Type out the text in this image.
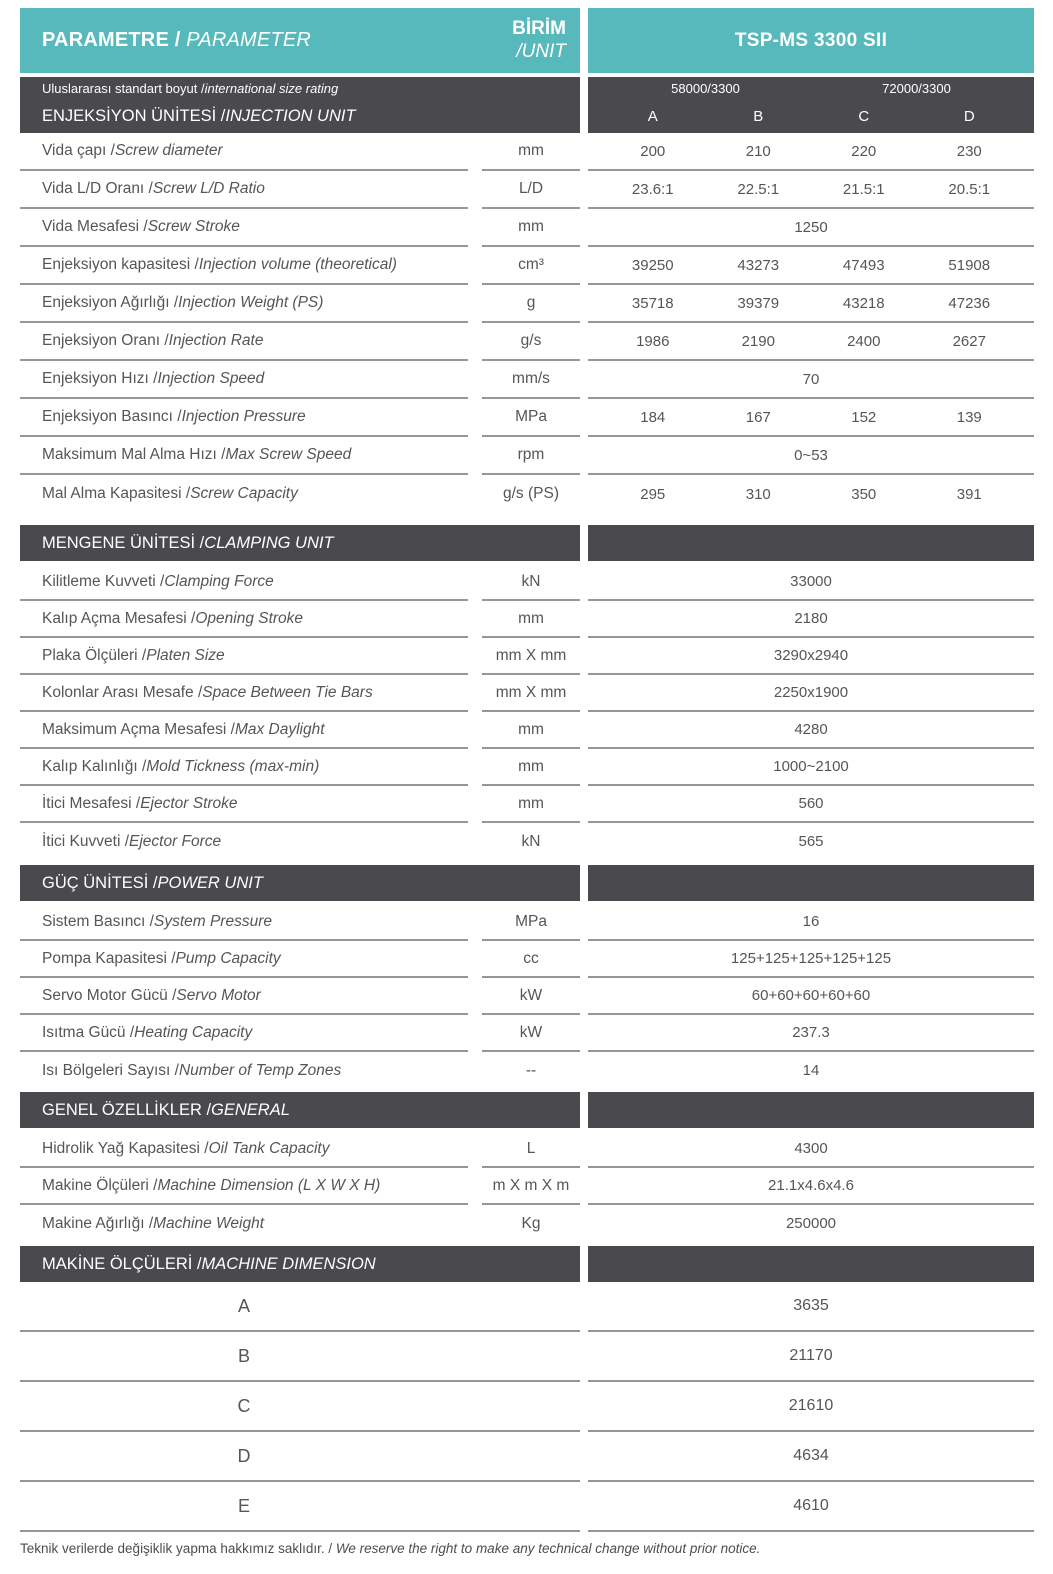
PARAMETRE / PARAMETER
BİRİM
/UNIT
TSP-MS 3300 SII
Uluslararası standart boyut / international size rating	58000/3300	72000/3300
ENJEKSİYON ÜNİTESİ / INJECTION UNIT	A	B	C	D
Vida çapı / Screw diameter	mm	200	210	220	230
Vida L/D Oranı / Screw L/D Ratio	L/D	23.6:1	22.5:1	21.5:1	20.5:1
Vida Mesafesi / Screw Stroke	mm	1250
Enjeksiyon kapasitesi / Injection volume (theoretical)	cm³	39250	43273	47493	51908
Enjeksiyon Ağırlığı / Injection Weight (PS)	g	35718	39379	43218	47236
Enjeksiyon Oranı / Injection Rate	g/s	1986	2190	2400	2627
Enjeksiyon Hızı / Injection Speed	mm/s	70
Enjeksiyon Basıncı / Injection Pressure	MPa	184	167	152	139
Maksimum Mal Alma Hızı / Max Screw Speed	rpm	0~53
Mal Alma Kapasitesi / Screw Capacity	g/s (PS)	295	310	350	391
MENGENE ÜNİTESİ / CLAMPING UNIT
Kilitleme Kuvveti / Clamping Force	kN	33000
Kalıp Açma Mesafesi / Opening Stroke	mm	2180
Plaka Ölçüleri / Platen Size	mm X mm	3290x2940
Kolonlar Arası Mesafe / Space Between Tie Bars	mm X mm	2250x1900
Maksimum Açma Mesafesi / Max Daylight	mm	4280
Kalıp Kalınlığı / Mold Tickness (max-min)	mm	1000~2100
İtici Mesafesi / Ejector Stroke	mm	560
İtici Kuvveti / Ejector Force	kN	565
GÜÇ ÜNİTESİ / POWER UNIT
Sistem Basıncı / System Pressure	MPa	16
Pompa Kapasitesi / Pump Capacity	cc	125+125+125+125+125
Servo Motor Gücü / Servo Motor	kW	60+60+60+60+60
Isıtma Gücü / Heating Capacity	kW	237.3
Isı Bölgeleri Sayısı / Number of Temp Zones	--	14
GENEL ÖZELLİKLER / GENERAL
Hidrolik Yağ Kapasitesi / Oil Tank Capacity	L	4300
Makine Ölçüleri / Machine Dimension (L X W X H)	m X m X m	21.1x4.6x4.6
Makine Ağırlığı / Machine Weight	Kg	250000
MAKİNE ÖLÇÜLERİ / MACHINE DIMENSION
A	3635
B	21170
C	21610
D	4634
E	4610
Teknik verilerde değişiklik yapma hakkımız saklıdır. / We reserve the right to make any technical change without prior notice.
